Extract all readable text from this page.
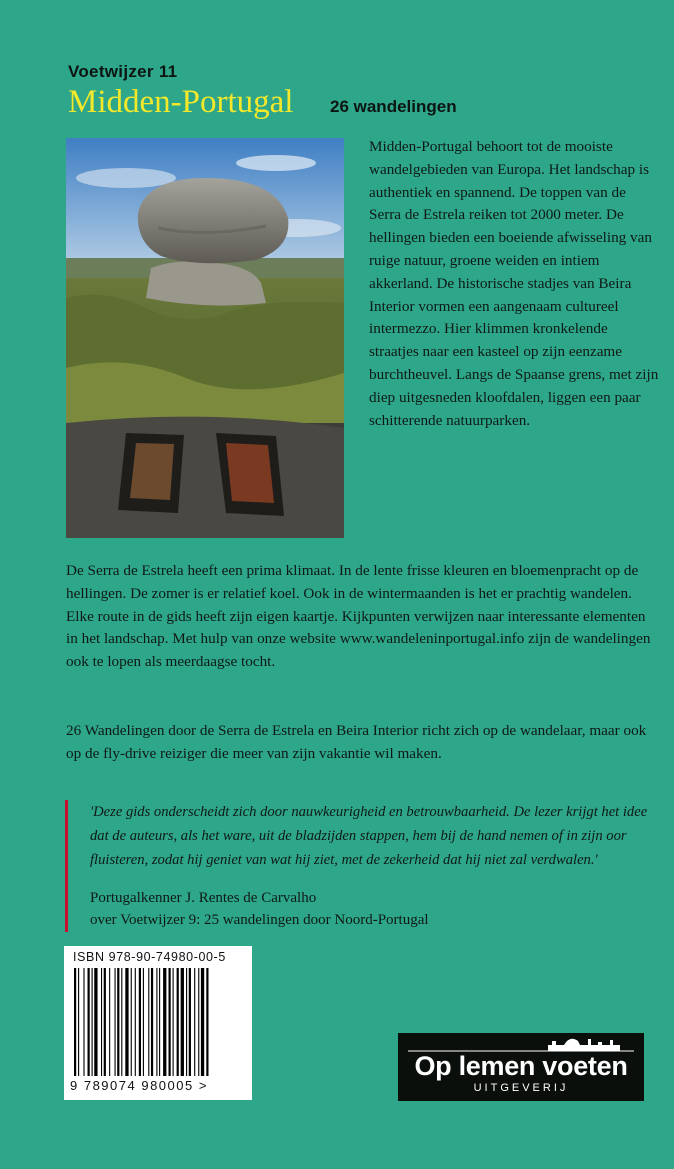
Voetwijzer 11
Midden-Portugal 26 wandelingen

Midden-Portugal behoort tot de mooiste wandelgebieden van Europa. Het landschap is authentiek en spannend. De toppen van de Serra de Estrela reiken tot 2000 meter. De hellingen bieden een boeiende afwisseling van ruige natuur, groene weiden en intiem akkerland. De historische stadjes van Beira Interior vormen een aangenaam cultureel intermezzo. Hier klimmen kronkelende straatjes naar een kasteel op zijn eenzame burchtheuvel. Langs de Spaanse grens, met zijn diep uitgesneden kloofdalen, liggen een paar schitterende natuurparken.

De Serra de Estrela heeft een prima klimaat. In de lente frisse kleuren en bloemenpracht op de hellingen. De zomer is er relatief koel. Ook in de wintermaanden is het er prachtig wandelen. Elke route in de gids heeft zijn eigen kaartje. Kijkpunten verwijzen naar interessante elementen in het landschap. Met hulp van onze website www.wandeleninportugal.info zijn de wandelingen ook te lopen als meerdaagse tocht.

26 Wandelingen door de Serra de Estrela en Beira Interior richt zich op de wandelaar, maar ook op de fly-drive reiziger die meer van zijn vakantie wil maken.

'Deze gids onderscheidt zich door nauwkeurigheid en betrouwbaarheid. De lezer krijgt het idee dat de auteurs, als het ware, uit de bladzijden stappen, hem bij de hand nemen of in zijn oor fluisteren, zodat hij geniet van wat hij ziet, met de zekerheid dat hij niet zal verdwalen.'

Portugalkenner J. Rentes de Carvalho
over Voetwijzer 9: 25 wandelingen door Noord-Portugal
ISBN 978-90-74980-00-5
9 789074 980005 >
Op lemen voeten
UITGEVERIJ
